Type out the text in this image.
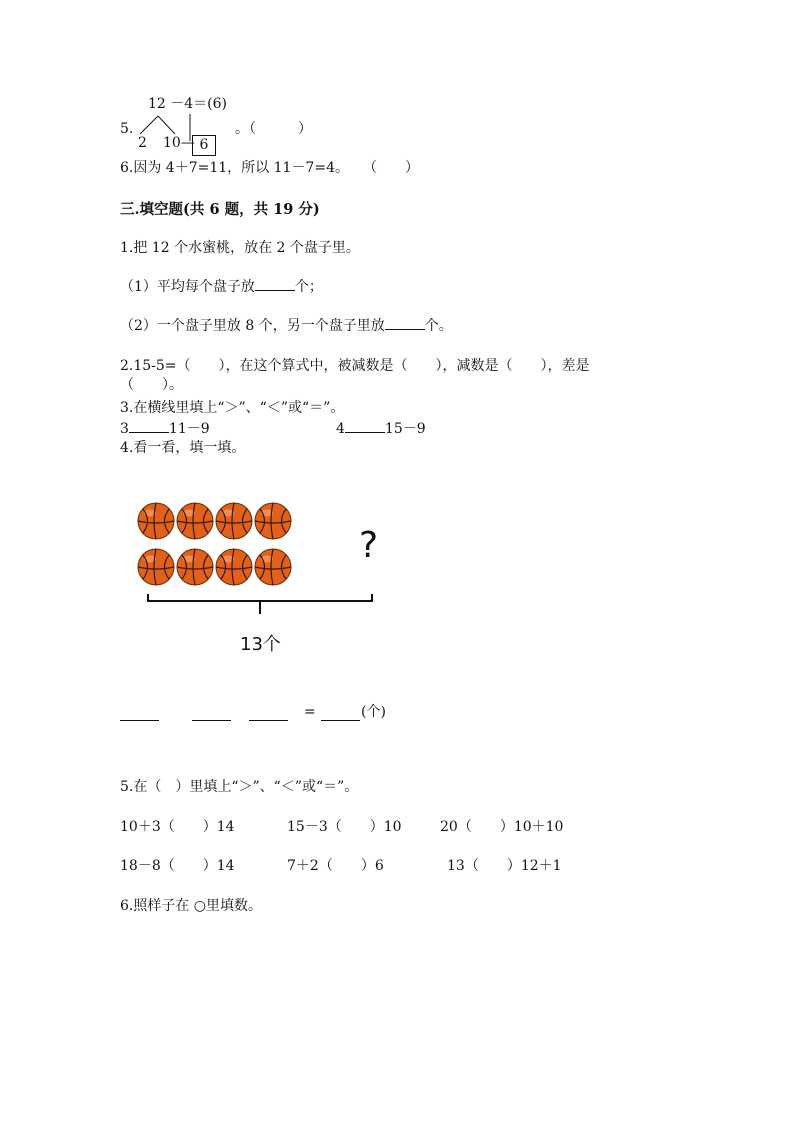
12 －4＝(6)
5.
2 10— 6
。（　　　）
6.因为 4＋7=11，所以 11－7=4。　　（　　）
三.填空题(共 6 题，共 19 分)
1.把 12 个水蜜桃，放在 2 个盘子里。
（1）平均每个盘子放	个；
（2）一个盘子里放 8 个，另一个盘子里放	个。
2.15-5=（　　），在这个算式中，被减数是（　　），减数是（　　），差是
（　　）。
3.在横线里填上“＞”、“＜”或“＝”。
3	11－9	4	15－9
4.看一看，填一填。
?
13个
=	(个)
5.在（　）里填上“＞”、“＜”或“＝”。
10＋3（　　）14	15－3（　　）10	20（　　）10＋10
18－8（　　）14	7＋2（　　）6	13（　　）12＋1
6.照样子在 ○里填数。
